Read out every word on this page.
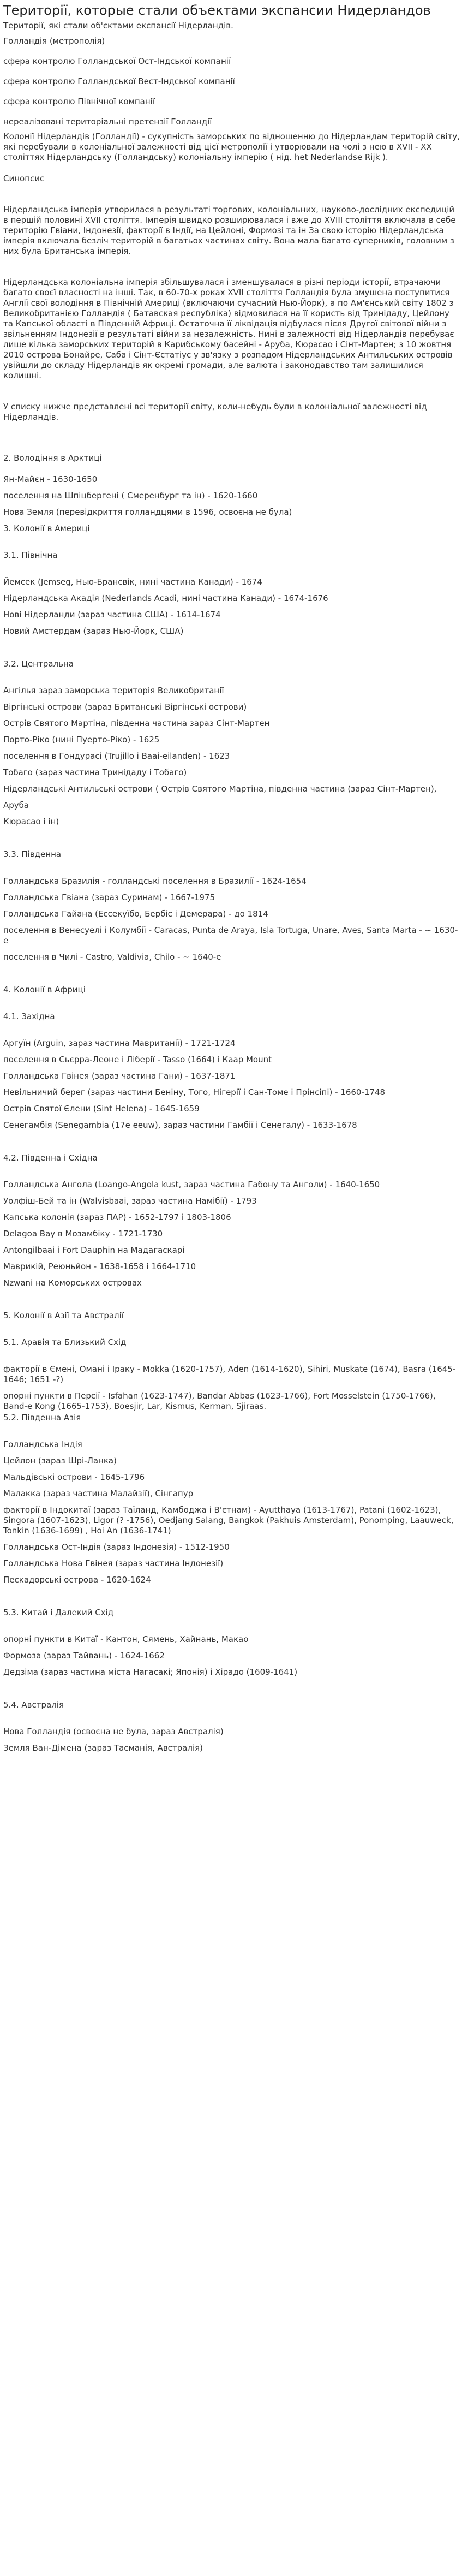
Території, которые стали объектами экспансии Нидерландов

Території, які стали об'єктами експансії Нідерландів.

Голландія (метрополія)

сфера контролю Голландської Ост-Індської компанії

сфера контролю Голландської Вест-Індської компанії

сфера контролю Північної компанії

нереалізовані територіальні претензії Голландії

Колонії Нідерландів (Голландії) - сукупність заморських по відношенню до Нідерландам територій світу, які перебували в колоніальної залежності від цієї метрополії і утворювали на чолі з нею в XVII - XX століттях Нідерландську (Голландську) колоніальну імперію ( нід. het Nederlandse Rijk ).

Синопсис

Нідерландська імперія утворилася в результаті торгових, колоніальних, науково-дослідних експедицій в першій половині XVII століття. Імперія швидко розширювалася і вже до XVIII століття включала в себе територію Гвіани, Індонезії, факторії в Індії, на Цейлоні, Формозі та ін За свою історію Нідерландська імперія включала безліч територій в багатьох частинах світу. Вона мала багато суперників, головним з них була Британська імперія.

Нідерландська колоніальна імперія збільшувалася і зменшувалася в різні періоди історії, втрачаючи багато своєї власності на інші. Так, в 60-70-х роках XVII століття Голландія була змушена поступитися Англії свої володіння в Північній Америці (включаючи сучасний Нью-Йорк), а по Ам'єнський світу 1802 з Великобританією Голландія ( Батавская республіка) відмовилася на її користь від Тринідаду, Цейлону та Капської області в Південній Африці. Остаточна її ліквідація відбулася після Другої світової війни з звільненням Індонезії в результаті війни за незалежність. Нині в залежності від Нідерландів перебуває лише кілька заморських територій в Карибському басейні - Аруба, Кюрасао і Сінт-Мартен; з 10 жовтня 2010 острова Бонайре, Саба і Сінт-Єстатіус у зв'язку з розпадом Нідерландських Антильських островів увійшли до складу Нідерландів як окремі громади, але валюта і законодавство там залишилися колишні.

У списку нижче представлені всі території світу, коли-небудь були в колоніальної залежності від Нідерландів.

2. Володіння в Арктиці

Ян-Майєн - 1630-1650

поселення на Шпіцбергені ( Смеренбург та ін) - 1620-1660

Нова Земля (перевідкриття голландцями в 1596, освоєна не була)

3. Колонії в Америці

3.1. Північна

Йемсек (Jemseg, Нью-Брансвік, нині частина Канади) - 1674

Нідерландська Акадія (Nederlands Acadi, нині частина Канади) - 1674-1676

Нові Нідерланди (зараз частина США) - 1614-1674

Новий Амстердам (зараз Нью-Йорк, США)

3.2. Центральна

Ангілья зараз заморська територія Великобританії

Віргінські острови (зараз Британські Віргінські острови)

Острів Святого Мартіна, південна частина зараз Сінт-Мартен

Порто-Ріко (нині Пуерто-Ріко) - 1625

поселення в Гондурасі (Trujillo і Baai-eilanden) - 1623

Тобаго (зараз частина Тринідаду і Тобаго)

Нідерландські Антильські острови ( Острів Святого Мартіна, південна частина (зараз Сінт-Мартен),

Аруба

Кюрасао і ін)

3.3. Південна

Голландська Бразилія - голландські поселення в Бразилії - 1624-1654

Голландська Гвіана (зараз Суринам) - 1667-1975

Голландська Гайана (Ессекуїбо, Бербіс і Демерара) - до 1814

поселення в Венесуелі і Колумбії - Caracas, Punta de Araya, Isla Tortuga, Unare, Aves, Santa Marta - ~ 1630-е

поселення в Чилі - Castro, Valdivia, Chilo - ~ 1640-е

4. Колонії в Африці

4.1. Західна

Аргуїн (Arguin, зараз частина Мавританії) - 1721-1724

поселення в Сьєрра-Леоне і Ліберії - Tasso (1664) і Каар Mount

Голландська Гвінея (зараз частина Гани) - 1637-1871

Невільничий берег (зараз частини Беніну, Того, Нігерії і Сан-Томе і Прінсіпі) - 1660-1748

Острів Святої Єлени (Sint Helena) - 1645-1659

Сенегамбія (Senegambia (17e eeuw), зараз частини Гамбії і Сенегалу) - 1633-1678

4.2. Південна і Східна

Голландська Ангола (Loango-Angola kust, зараз частина Габону та Анголи) - 1640-1650

Уолфіш-Бей та ін (Walvisbaai, зараз частина Намібії) - 1793

Капська колонія (зараз ПАР) - 1652-1797 і 1803-1806

Delagoa Bay в Мозамбіку - 1721-1730

Antongilbaai і Fort Dauphin на Мадагаскарі

Маврикій, Реюньйон - 1638-1658 і 1664-1710

Nzwani на Коморських островах

5. Колонії в Азії та Австралії

5.1. Аравія та Близький Схід

факторії в Ємені, Омані і Іраку - Mokka (1620-1757), Aden (1614-1620), Sihiri, Muskate (1674), Basra (1645-1646; 1651 -?)

опорні пункти в Персії - Isfahan (1623-1747), Bandar Abbas (1623-1766), Fort Mosselstein (1750-1766), Band-e Kong (1665-1753), Boesjir, Lar, Kismus, Kerman, Sjiraas.

5.2. Південна Азія

Голландська Індія

Цейлон (зараз Шрі-Ланка)

Мальдівські острови - 1645-1796

Малакка (зараз частина Малайзії), Сінгапур

факторії в Індокитаї (зараз Таїланд, Камбоджа і В'єтнам) - Ayutthaya (1613-1767), Patani (1602-1623), Singora (1607-1623), Ligor (? -1756), Oedjang Salang, Bangkok (Pakhuis Amsterdam), Ponomping, Laauweck, Tonkin (1636-1699) , Hoi An (1636-1741)

Голландська Ост-Індія (зараз Індонезія) - 1512-1950

Голландська Нова Гвінея (зараз частина Індонезії)

Пескадорські острова - 1620-1624

5.3. Китай і Далекий Схід

опорні пункти в Китаї - Кантон, Сямень, Хайнань, Макао

Формоза (зараз Тайвань) - 1624-1662

Дедзіма (зараз частина міста Нагасакі; Японія) і Хірадо (1609-1641)

5.4. Австралія

Нова Голландія (освоєна не була, зараз Австралія)

Земля Ван-Дімена (зараз Тасманія, Австралія)
